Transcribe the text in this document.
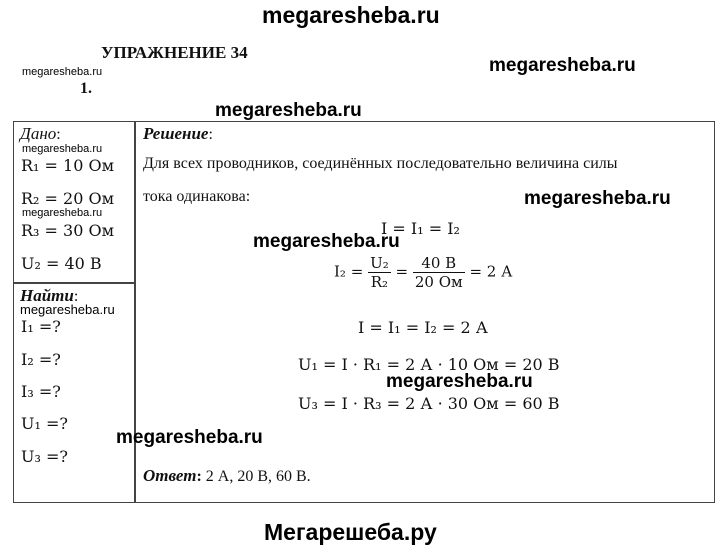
megaresheba.ru
УПРАЖНЕНИЕ 34
megaresheba.ru
1.
megaresheba.ru
megaresheba.ru
Дано:
megaresheba.ru
R₁ = 10 Ом
R₂ = 20 Ом
megaresheba.ru
R₃ = 30 Ом
U₂ = 40 В
Найти:
megaresheba.ru
I₁ =?
I₂ =?
I₃ =?
U₁ =?
U₃ =?
Решение:
Для всех проводников, соединённых последовательно величина силы
тока одинакова:	megaresheba.ru
I = I₁ = I₂
megaresheba.ru
$I_2 = \frac{\text{U₂}}{\text{R₂}} = \frac{40 В}{20 Ом} = 2$ А
I = I₁ = I₂ = 2 А
U₁ = I · R₁ = 2 А · 10 Ом = 20 В
megaresheba.ru
U₃ = I · R₃ = 2 А · 30 Ом = 60 В
megaresheba.ru
Ответ: 2 А, 20 В, 60 В.
Мегарешеба.ру
